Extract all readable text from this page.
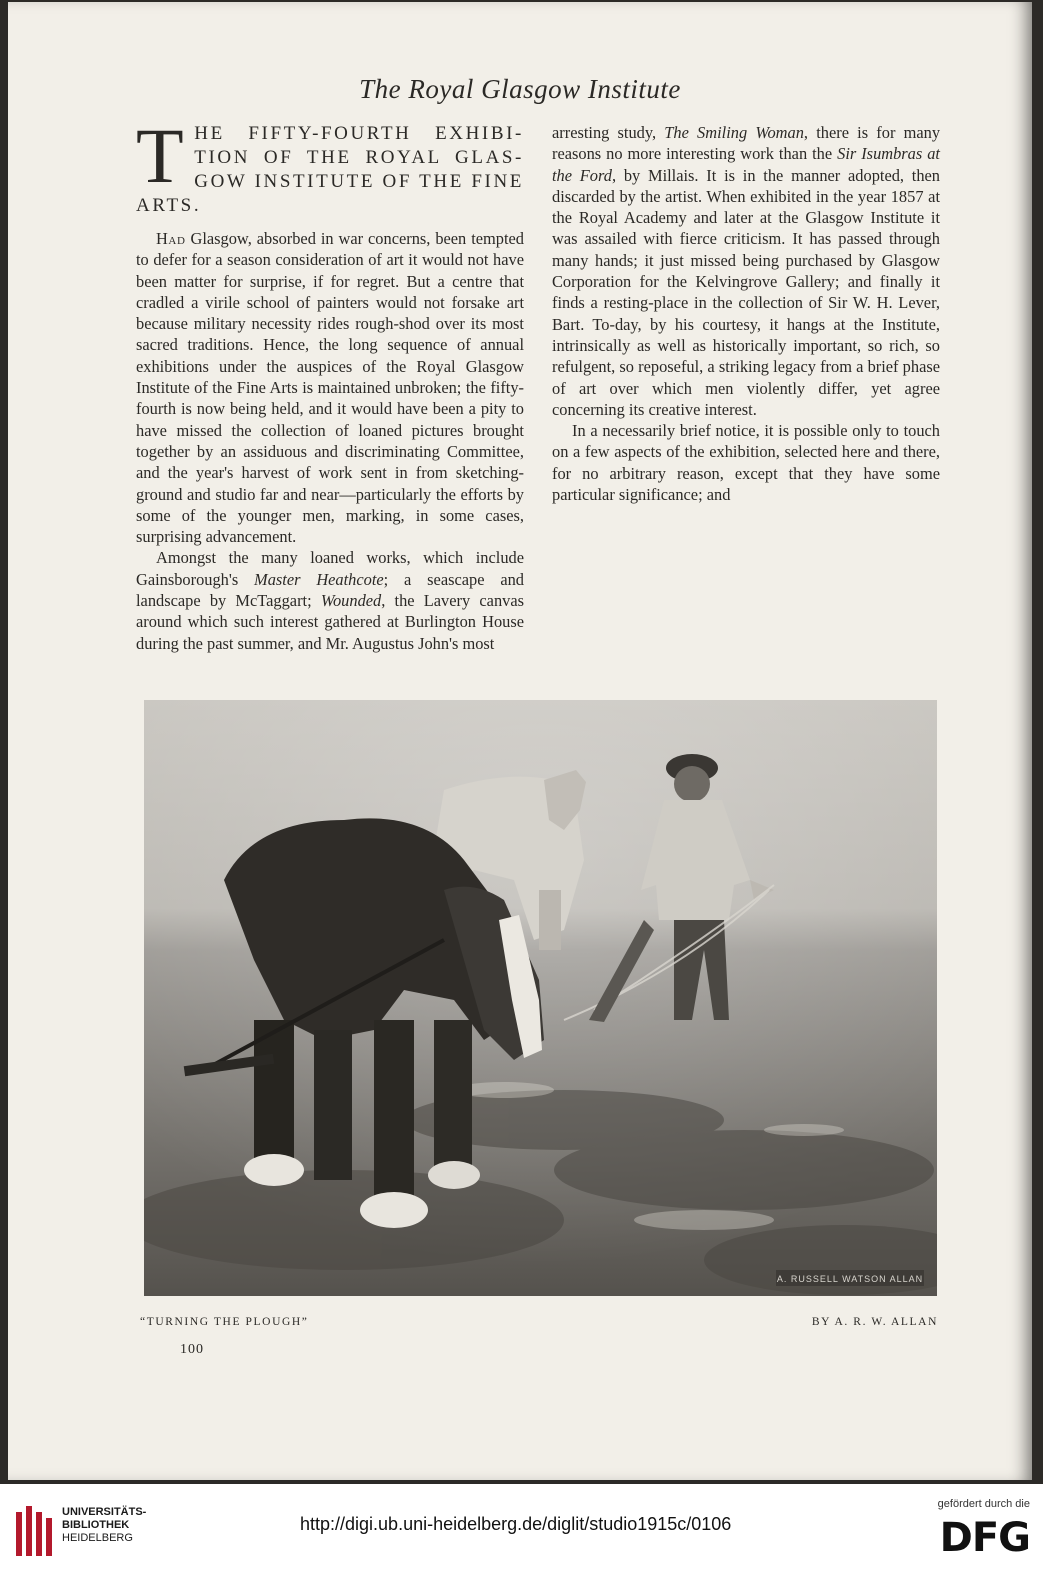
The Royal Glasgow Institute
THE FIFTY-FOURTH EXHIBI-TION OF THE ROYAL GLAS-GOW INSTITUTE OF THE FINE ARTS.

Had Glasgow, absorbed in war concerns, been tempted to defer for a season consideration of art it would not have been matter for surprise, if for regret. But a centre that cradled a virile school of painters would not forsake art because military necessity rides rough-shod over its most sacred traditions. Hence, the long sequence of annual exhibitions under the auspices of the Royal Glasgow Institute of the Fine Arts is maintained unbroken; the fifty-fourth is now being held, and it would have been a pity to have missed the collection of loaned pictures brought together by an assiduous and discriminating Committee, and the year's harvest of work sent in from sketching-ground and studio far and near—particularly the efforts by some of the younger men, marking, in some cases, surprising advancement.

Amongst the many loaned works, which include Gainsborough's Master Heathcote; a seascape and landscape by McTaggart; Wounded, the Lavery canvas around which such interest gathered at Burlington House during the past summer, and Mr. Augustus John's most

arresting study, The Smiling Woman, there is for many reasons no more interesting work than the Sir Isumbras at the Ford, by Millais. It is in the manner adopted, then discarded by the artist. When exhibited in the year 1857 at the Royal Academy and later at the Glasgow Institute it was assailed with fierce criticism. It has passed through many hands; it just missed being purchased by Glasgow Corporation for the Kelvingrove Gallery; and finally it finds a resting-place in the collection of Sir W. H. Lever, Bart. To-day, by his courtesy, it hangs at the Institute, intrinsically as well as historically important, so rich, so refulgent, so reposeful, a striking legacy from a brief phase of art over which men violently differ, yet agree concerning its creative interest.

In a necessarily brief notice, it is possible only to touch on a few aspects of the exhibition, selected here and there, for no arbitrary reason, except that they have some particular significance; and

A. RUSSELL WATSON ALLAN
“TURNING THE PLOUGH”	BY A. R. W. ALLAN
100
UNIVERSITÄTS-
BIBLIOTHEK
HEIDELBERG
http://digi.ub.uni-heidelberg.de/diglit/studio1915c/0106
gefördert durch die
DFG
